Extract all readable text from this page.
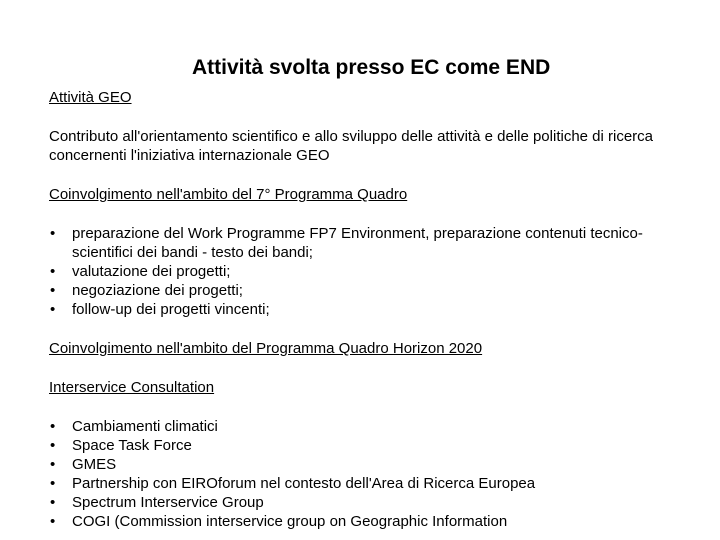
Attività svolta presso EC come END

Attività GEO

Contributo all'orientamento scientifico e allo sviluppo delle attività e delle politiche di ricerca concernenti l'iniziativa internazionale GEO

Coinvolgimento nell'ambito del 7° Programma Quadro

• preparazione del Work Programme FP7 Environment, preparazione contenuti tecnico-scientifici dei bandi - testo dei bandi;
• valutazione dei progetti;
• negoziazione dei progetti;
• follow-up dei progetti vincenti;

Coinvolgimento nell'ambito del Programma Quadro Horizon 2020

Interservice Consultation

• Cambiamenti climatici
• Space Task Force
• GMES
• Partnership con EIROforum nel contesto dell'Area di Ricerca Europea
• Spectrum Interservice Group
• COGI (Commission interservice group on Geographic Information
